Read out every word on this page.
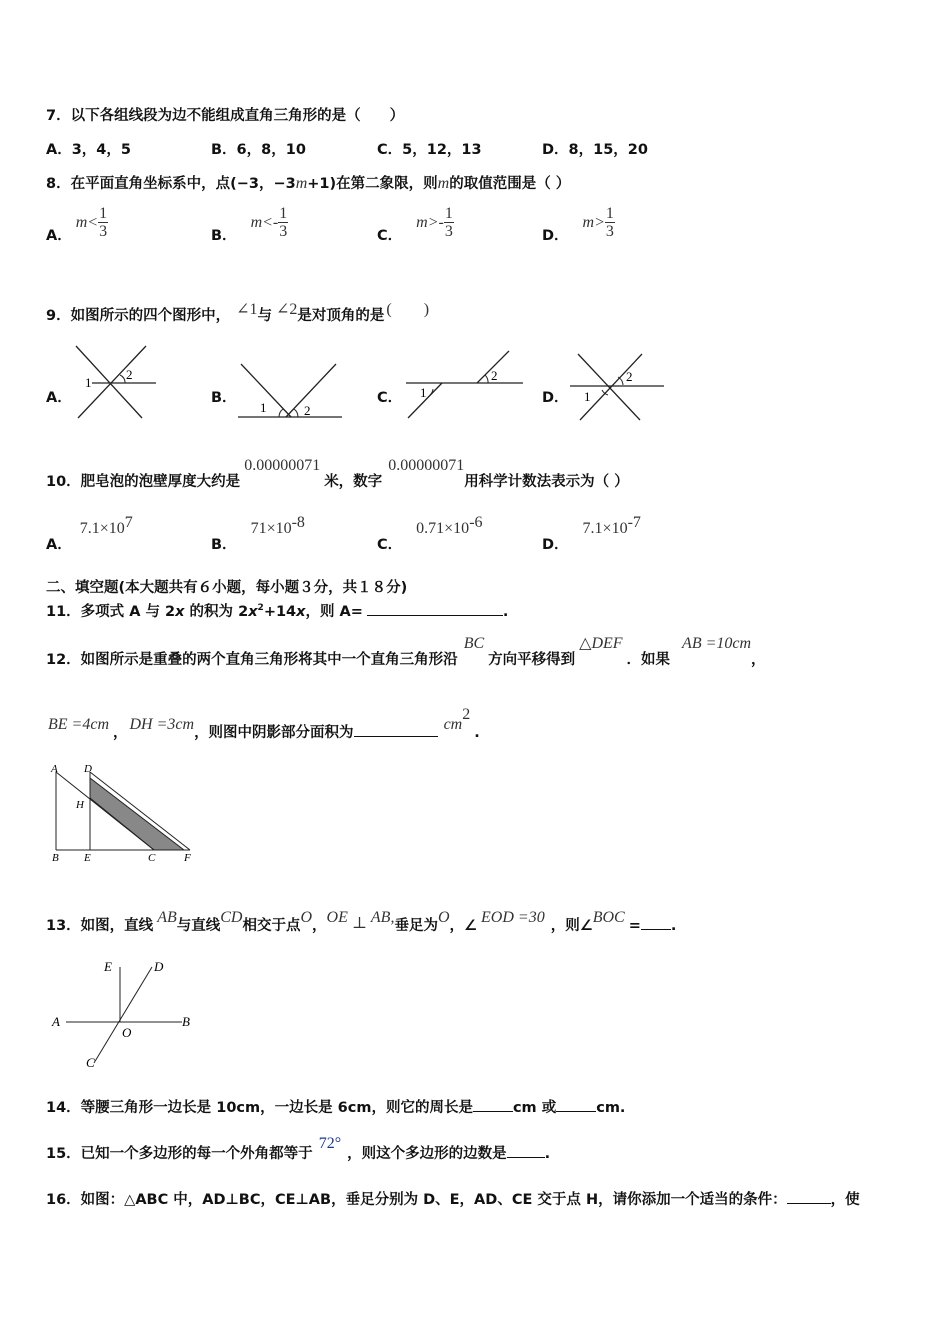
7．以下各组线段为边不能组成直角三角形的是（　　）
A．3，4，5	B．6，8，10	C．5，12，13	D．8，15，20
8．在平面直角坐标系中，点(−3，−3m+1)在第二象限，则m的取值范围是（ ）
A．$m< \frac{1}{3}$	B．$m<- \frac{1}{3}$	C．$m>- \frac{1}{3}$	D．$m> \frac{1}{3}$
9．如图所示的四个图形中， ∠1与 ∠2是对顶角的是 (　　)
A．
1
2
B．
1	2
C． 1
2
D． 1
2
10．肥皂泡的泡壁厚度大约是0.00000071米，数字0.00000071用科学计数法表示为（ ）
A．$7.1\times 10^7$
B．$71\times 10^{-8}$
C．$0.71\times 10^{-6}$
D．$7.1\times 10^{-7}$
二、填空题(本大题共有６小题，每小题３分，共１８分)
11．多项式 A 与 2x 的积为 $2x^2+14x$，则 A=	.
12．如图所示是重叠的两个直角三角形将其中一个直角三角形沿BC方向平移得到△DEF．如果AB =10cm，
BE =4cm ， DH =3cm，则图中阴影部分面积为	$cm^2$.
A D
H
B E	C	F
13．如图，直线 AB与直线CD相交于点O，OE ⊥ AB,垂足为O，∠ EOD =30 ，则∠BOC = .
E	D
A	B
O
C
14．等腰三角形一边长是 10cm，一边长是 6cm，则它的周长是	cm 或	cm.
15．已知一个多边形的每一个外角都等于72°，则这个多边形的边数是	.
16．如图：△ABC 中，AD⊥BC，CE⊥AB，垂足分别为 D、E，AD、CE 交于点 H，请你添加一个适当的条件：	，使
